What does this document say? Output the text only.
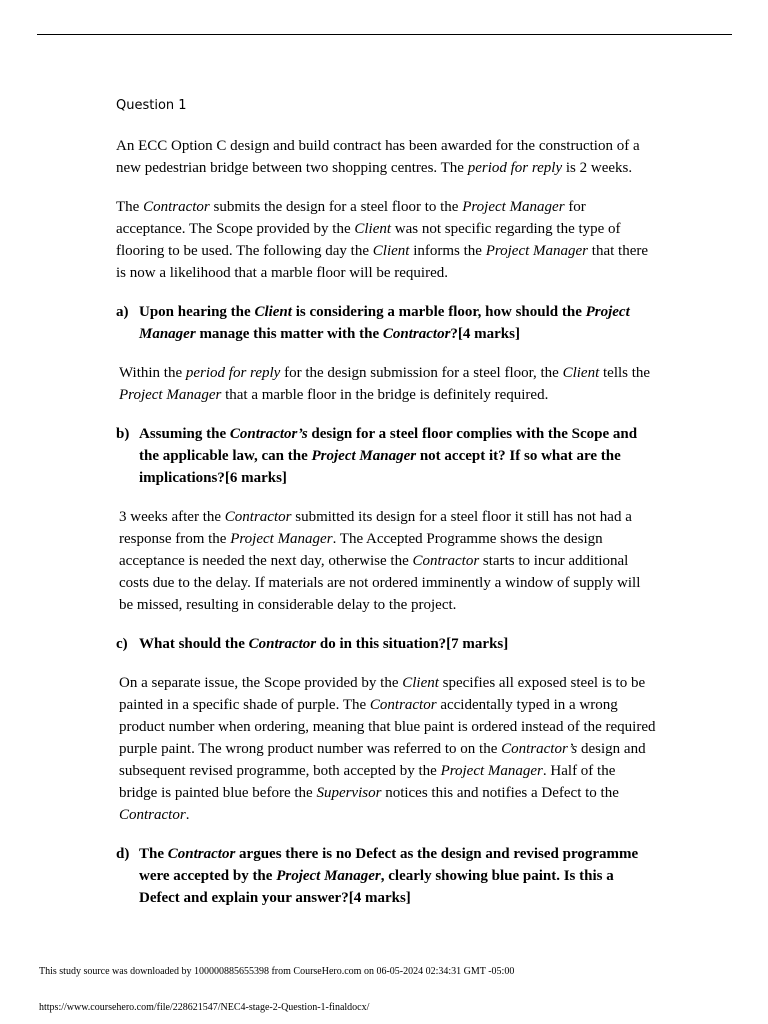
Question 1

An ECC Option C design and build contract has been awarded for the construction of a new pedestrian bridge between two shopping centres. The period for reply is 2 weeks.

The Contractor submits the design for a steel floor to the Project Manager for acceptance. The Scope provided by the Client was not specific regarding the type of flooring to be used. The following day the Client informs the Project Manager that there is now a likelihood that a marble floor will be required.

a) Upon hearing the Client is considering a marble floor, how should the Project Manager manage this matter with the Contractor?[4 marks]

Within the period for reply for the design submission for a steel floor, the Client tells the Project Manager that a marble floor in the bridge is definitely required.

b) Assuming the Contractor’s design for a steel floor complies with the Scope and the applicable law, can the Project Manager not accept it? If so what are the implications?[6 marks]

3 weeks after the Contractor submitted its design for a steel floor it still has not had a response from the Project Manager. The Accepted Programme shows the design acceptance is needed the next day, otherwise the Contractor starts to incur additional costs due to the delay. If materials are not ordered imminently a window of supply will be missed, resulting in considerable delay to the project.

c) What should the Contractor do in this situation?[7 marks]

On a separate issue, the Scope provided by the Client specifies all exposed steel is to be painted in a specific shade of purple. The Contractor accidentally typed in a wrong product number when ordering, meaning that blue paint is ordered instead of the required purple paint. The wrong product number was referred to on the Contractor’s design and subsequent revised programme, both accepted by the Project Manager. Half of the bridge is painted blue before the Supervisor notices this and notifies a Defect to the Contractor.

d) The Contractor argues there is no Defect as the design and revised programme were accepted by the Project Manager, clearly showing blue paint. Is this a Defect and explain your answer?[4 marks]
This study source was downloaded by 100000885655398 from CourseHero.com on 06-05-2024 02:34:31 GMT -05:00
https://www.coursehero.com/file/228621547/NEC4-stage-2-Question-1-finaldocx/
